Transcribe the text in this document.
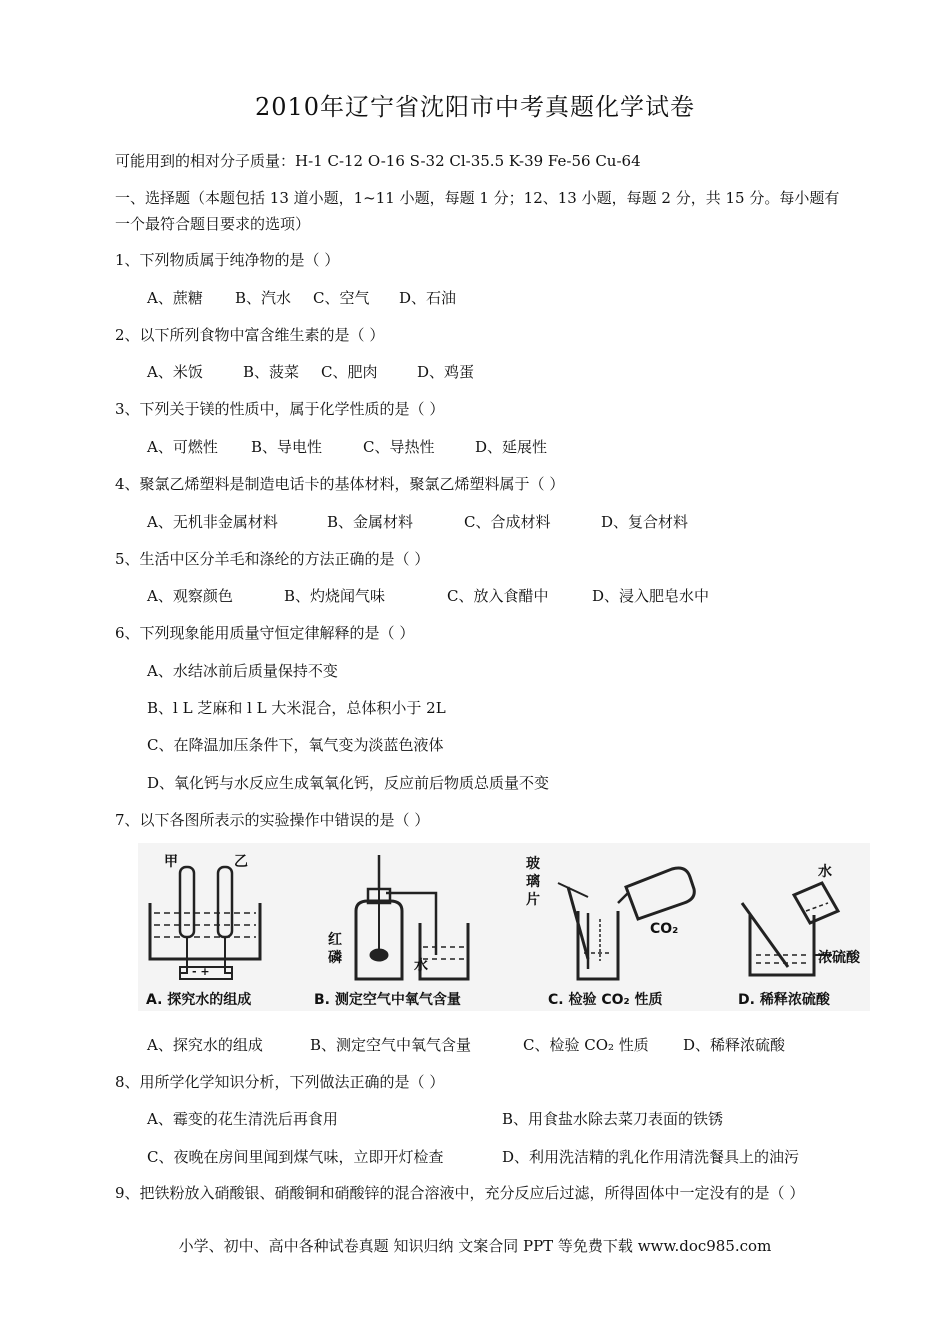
2010年辽宁省沈阳市中考真题化学试卷
可能用到的相对分子质量：H-1 C-12 O-16 S-32 Cl-35.5 K-39 Fe-56 Cu-64
一、选择题（本题包括 13 道小题，1~11 小题，每题 1 分；12、13 小题，每题 2 分，共 15 分。每小题有一个最符合题目要求的选项）
1、下列物质属于纯净物的是（ ）
A、蔗糖 B、汽水 C、空气 D、石油
2、以下所列食物中富含维生素的是（ ）
A、米饭	B、菠菜 C、肥肉	D、鸡蛋
3、下列关于镁的性质中，属于化学性质的是（ ）
A、可燃性 B、导电性	C、导热性	D、延展性
4、聚氯乙烯塑料是制造电话卡的基体材料，聚氯乙烯塑料属于（ ）
A、无机非金属材料	B、金属材料	C、合成材料	D、复合材料
5、生活中区分羊毛和涤纶的方法正确的是（ ）
A、观察颜色	B、灼烧闻气味	C、放入食醋中	D、浸入肥皂水中
6、下列现象能用质量守恒定律解释的是（ ）
A、水结冰前后质量保持不变
B、l L 芝麻和 l L 大米混合，总体积小于 2L
C、在降温加压条件下，氧气变为淡蓝色液体
D、氧化钙与水反应生成氧氧化钙，反应前后物质总质量不变
7、以下各图所表示的实验操作中错误的是（ ）
甲	乙
- +
红磷	水
玻璃片
CO₂
水
浓硫酸
A. 探究水的组成	B. 测定空气中氧气含量	C. 检验 CO₂ 性质	D. 稀释浓硫酸
A、探究水的组成	B、测定空气中氧气含量	C、检验 CO₂ 性质 D、稀释浓硫酸
8、用所学化学知识分析，下列做法正确的是（ ）
A、霉变的花生清洗后再食用	B、用食盐水除去菜刀表面的铁锈
C、夜晚在房间里闻到煤气味，立即开灯检查	D、利用洗洁精的乳化作用清洗餐具上的油污
9、把铁粉放入硝酸银、硝酸铜和硝酸锌的混合溶液中，充分反应后过滤，所得固体中一定没有的是（ ）
小学、初中、高中各种试卷真题 知识归纳 文案合同 PPT 等免费下载 www.doc985.com
